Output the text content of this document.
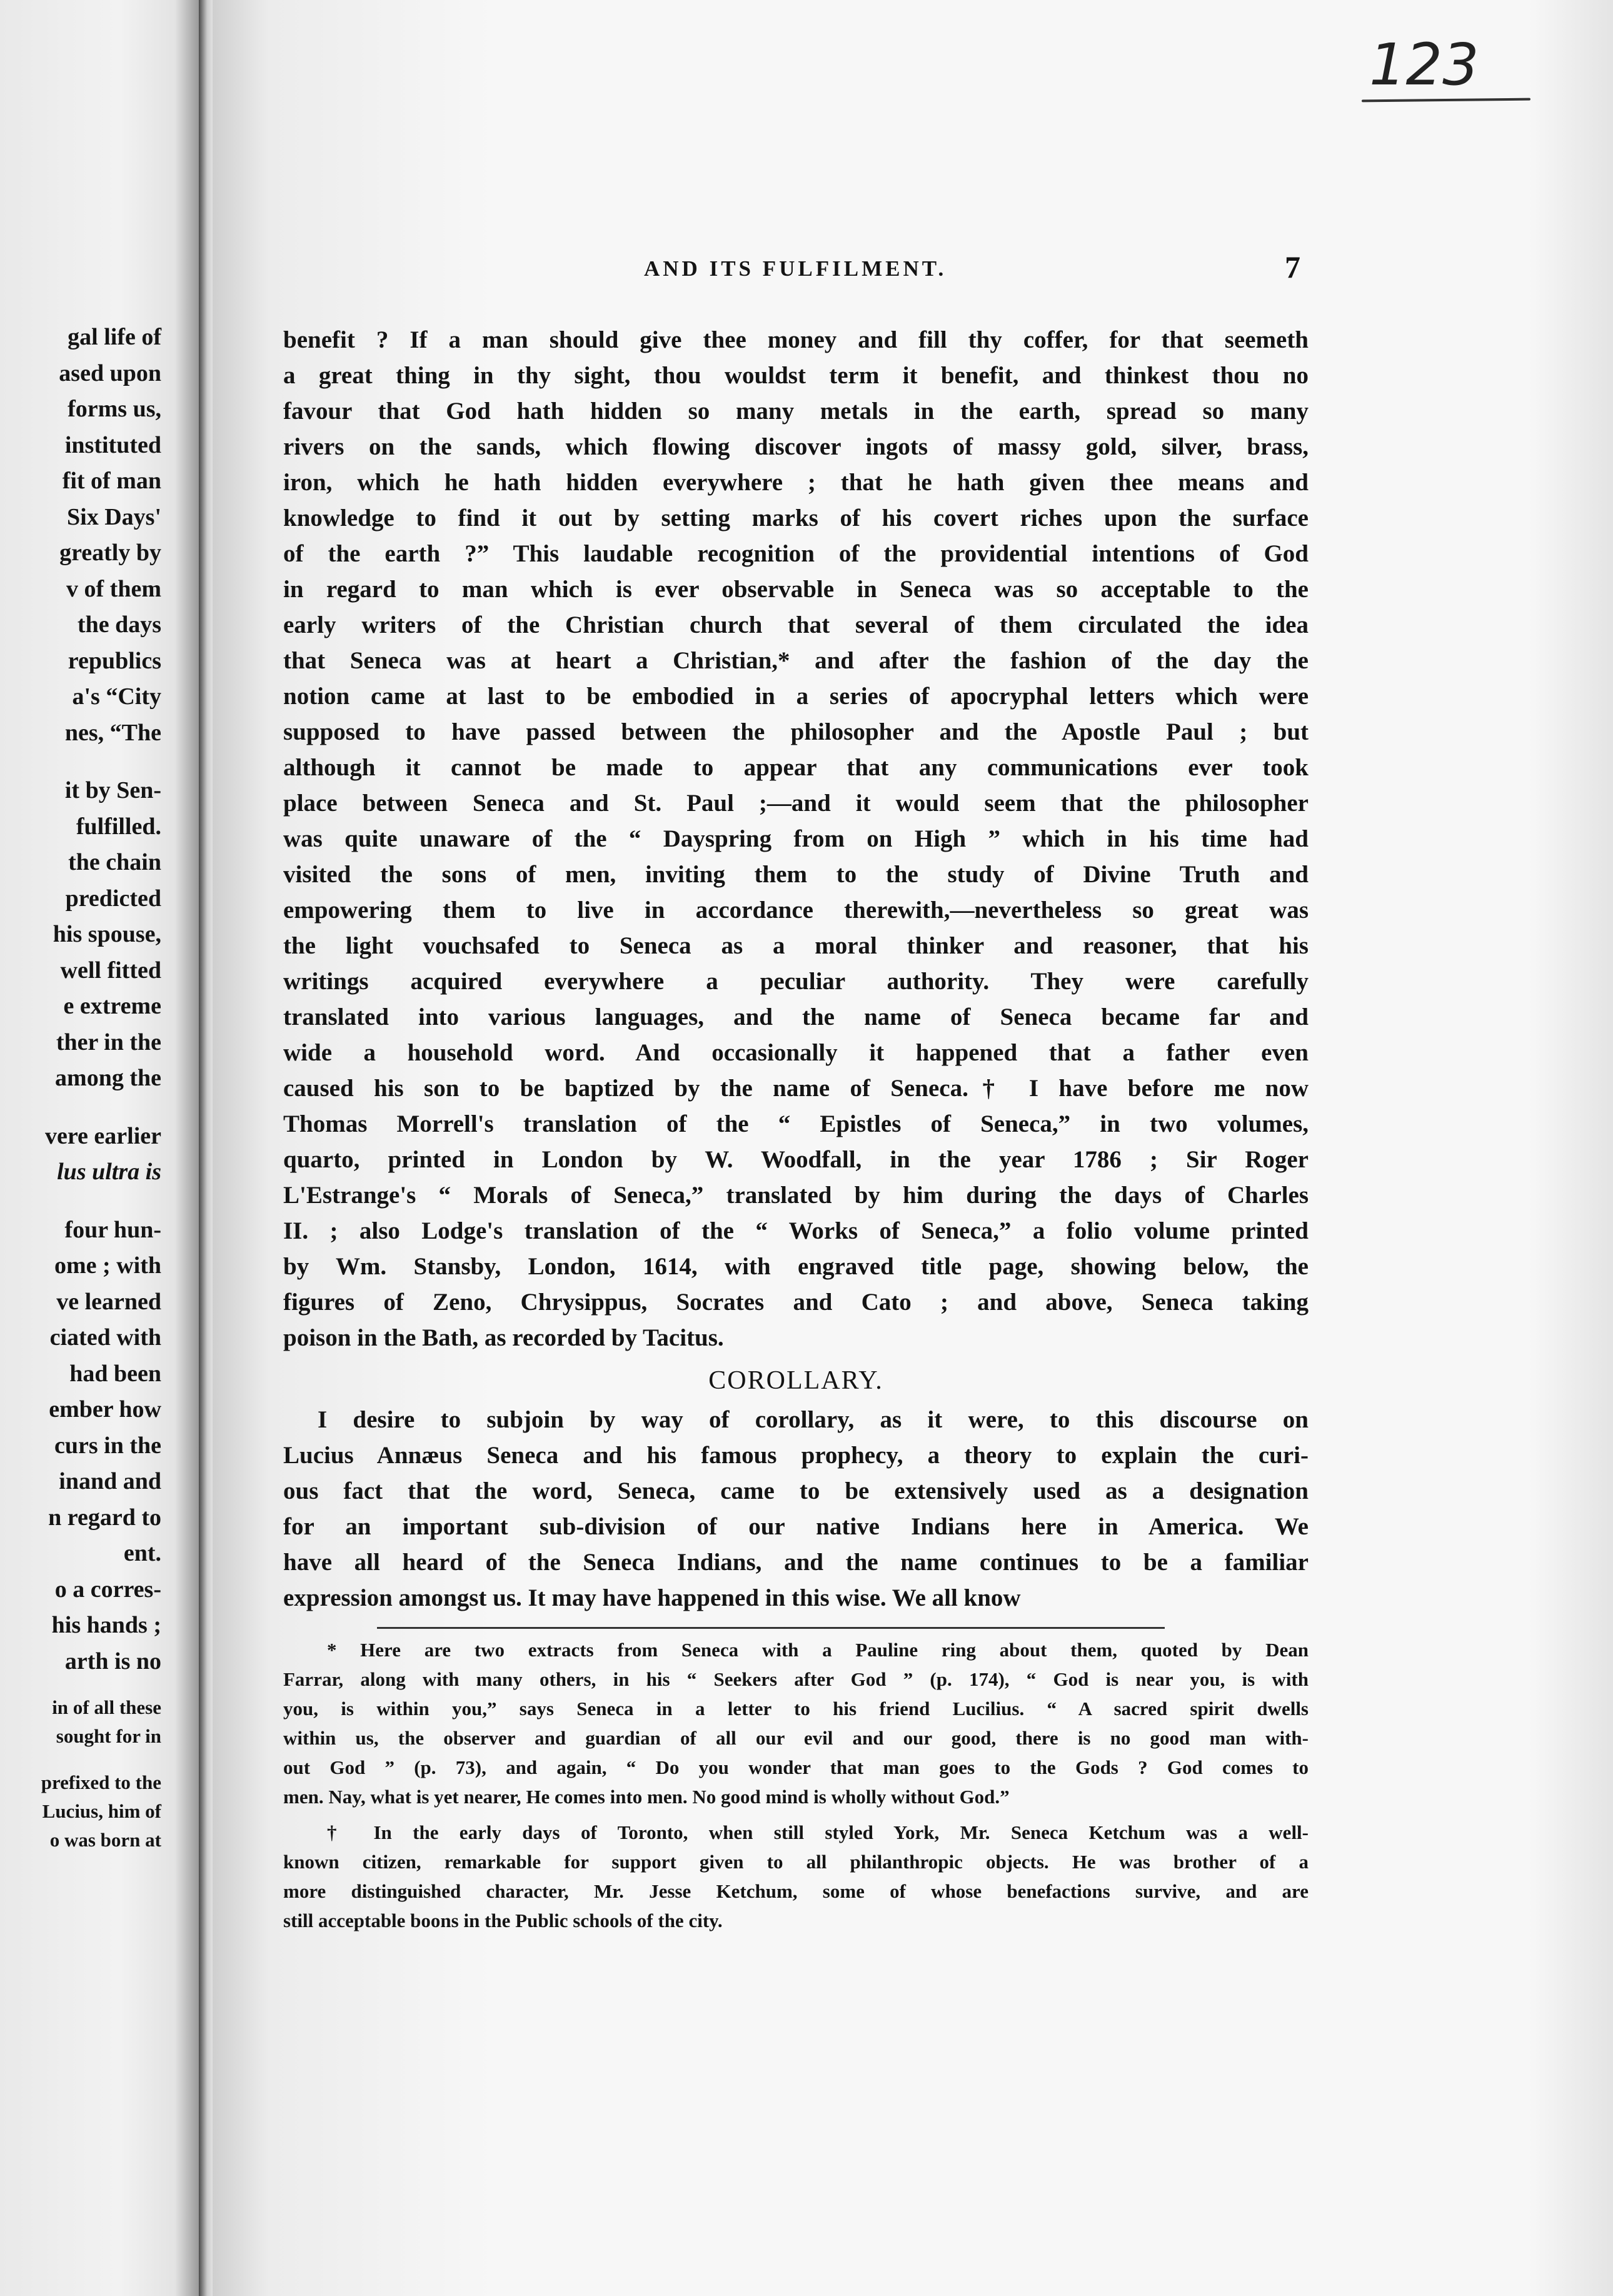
gal life of
ased upon
forms us,
instituted
fit of man
Six Days'
greatly by
v of them
the days
republics
a's “City
nes, “The
it by Sen-
fulfilled.
the chain
predicted
his spouse,
well fitted
e extreme
ther in the
among the
vere earlier
lus ultra is
four hun-
ome ; with
ve learned
ciated with
had been
ember how
curs in the
inand and
n regard to
ent.
o a corres-
his hands ;
arth is no
in of all these
sought for in
prefixed to the
Lucius, him of
o was born at
123
AND ITS FULFILMENT.	7
benefit ? If a man should give thee money and fill thy coffer, for that seemeth
a great thing in thy sight, thou wouldst term it benefit, and thinkest thou no
favour that God hath hidden so many metals in the earth, spread so many
rivers on the sands, which flowing discover ingots of massy gold, silver, brass,
iron, which he hath hidden everywhere ; that he hath given thee means and
knowledge to find it out by setting marks of his covert riches upon the surface
of the earth ?” This laudable recognition of the providential intentions of God
in regard to man which is ever observable in Seneca was so acceptable to the
early writers of the Christian church that several of them circulated the idea
that Seneca was at heart a Christian,* and after the fashion of the day the
notion came at last to be embodied in a series of apocryphal letters which were
supposed to have passed between the philosopher and the Apostle Paul ; but
although it cannot be made to appear that any communications ever took
place between Seneca and St. Paul ;—and it would seem that the philosopher
was quite unaware of the “ Dayspring from on High ” which in his time had
visited the sons of men, inviting them to the study of Divine Truth and
empowering them to live in accordance therewith,—nevertheless so great was
the light vouchsafed to Seneca as a moral thinker and reasoner, that his
writings acquired everywhere a peculiar authority. They were carefully
translated into various languages, and the name of Seneca became far and
wide a household word. And occasionally it happened that a father even
caused his son to be baptized by the name of Seneca.† I have before me now
Thomas Morrell's translation of the “ Epistles of Seneca,” in two volumes,
quarto, printed in London by W. Woodfall, in the year 1786 ; Sir Roger
L'Estrange's “ Morals of Seneca,” translated by him during the days of Charles
II. ; also Lodge's translation of the “ Works of Seneca,” a folio volume printed
by Wm. Stansby, London, 1614, with engraved title page, showing below, the
figures of Zeno, Chrysippus, Socrates and Cato ; and above, Seneca taking
poison in the Bath, as recorded by Tacitus.
COROLLARY.
I desire to subjoin by way of corollary, as it were, to this discourse on
Lucius Annæus Seneca and his famous prophecy, a theory to explain the curi-
ous fact that the word, Seneca, came to be extensively used as a designation
for an important sub-division of our native Indians here in America. We
have all heard of the Seneca Indians, and the name continues to be a familiar
expression amongst us. It may have happened in this wise. We all know
* Here are two extracts from Seneca with a Pauline ring about them, quoted by Dean
Farrar, along with many others, in his “ Seekers after God ” (p. 174), “ God is near you, is with
you, is within you,” says Seneca in a letter to his friend Lucilius. “ A sacred spirit dwells
within us, the observer and guardian of all our evil and our good, there is no good man with-
out God ” (p. 73), and again, “ Do you wonder that man goes to the Gods ? God comes to
men. Nay, what is yet nearer, He comes into men. No good mind is wholly without God.”
† In the early days of Toronto, when still styled York, Mr. Seneca Ketchum was a well-
known citizen, remarkable for support given to all philanthropic objects. He was brother of a
more distinguished character, Mr. Jesse Ketchum, some of whose benefactions survive, and are
still acceptable boons in the Public schools of the city.
